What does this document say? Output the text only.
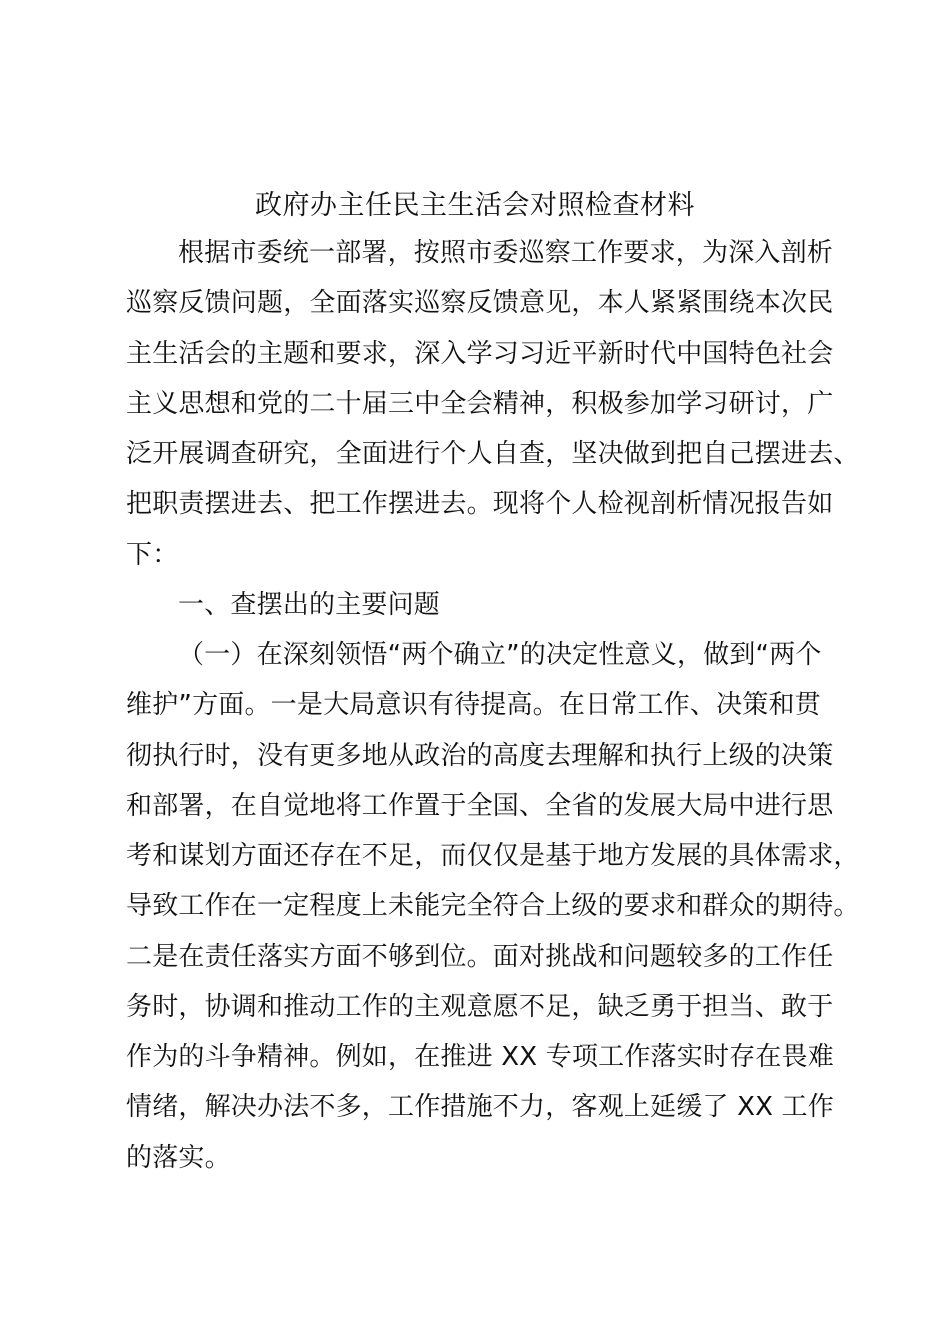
政府办主任民主生活会对照检查材料
根据市委统一部署，按照市委巡察工作要求，为深入剖析
巡察反馈问题，全面落实巡察反馈意见，本人紧紧围绕本次民
主生活会的主题和要求，深入学习习近平新时代中国特色社会
主义思想和党的二十届三中全会精神，积极参加学习研讨，广
泛开展调查研究，全面进行个人自查，坚决做到把自己摆进去、
把职责摆进去、把工作摆进去。现将个人检视剖析情况报告如
下：
一、查摆出的主要问题
（一）在深刻领悟“两个确立”的决定性意义，做到“两个
维护”方面。一是大局意识有待提高。在日常工作、决策和贯
彻执行时，没有更多地从政治的高度去理解和执行上级的决策
和部署，在自觉地将工作置于全国、全省的发展大局中进行思
考和谋划方面还存在不足，而仅仅是基于地方发展的具体需求，
导致工作在一定程度上未能完全符合上级的要求和群众的期待。
二是在责任落实方面不够到位。面对挑战和问题较多的工作任
务时，协调和推动工作的主观意愿不足，缺乏勇于担当、敢于
作为的斗争精神。例如，在推进 XX 专项工作落实时存在畏难
情绪，解决办法不多，工作措施不力，客观上延缓了 XX 工作
的落实。
